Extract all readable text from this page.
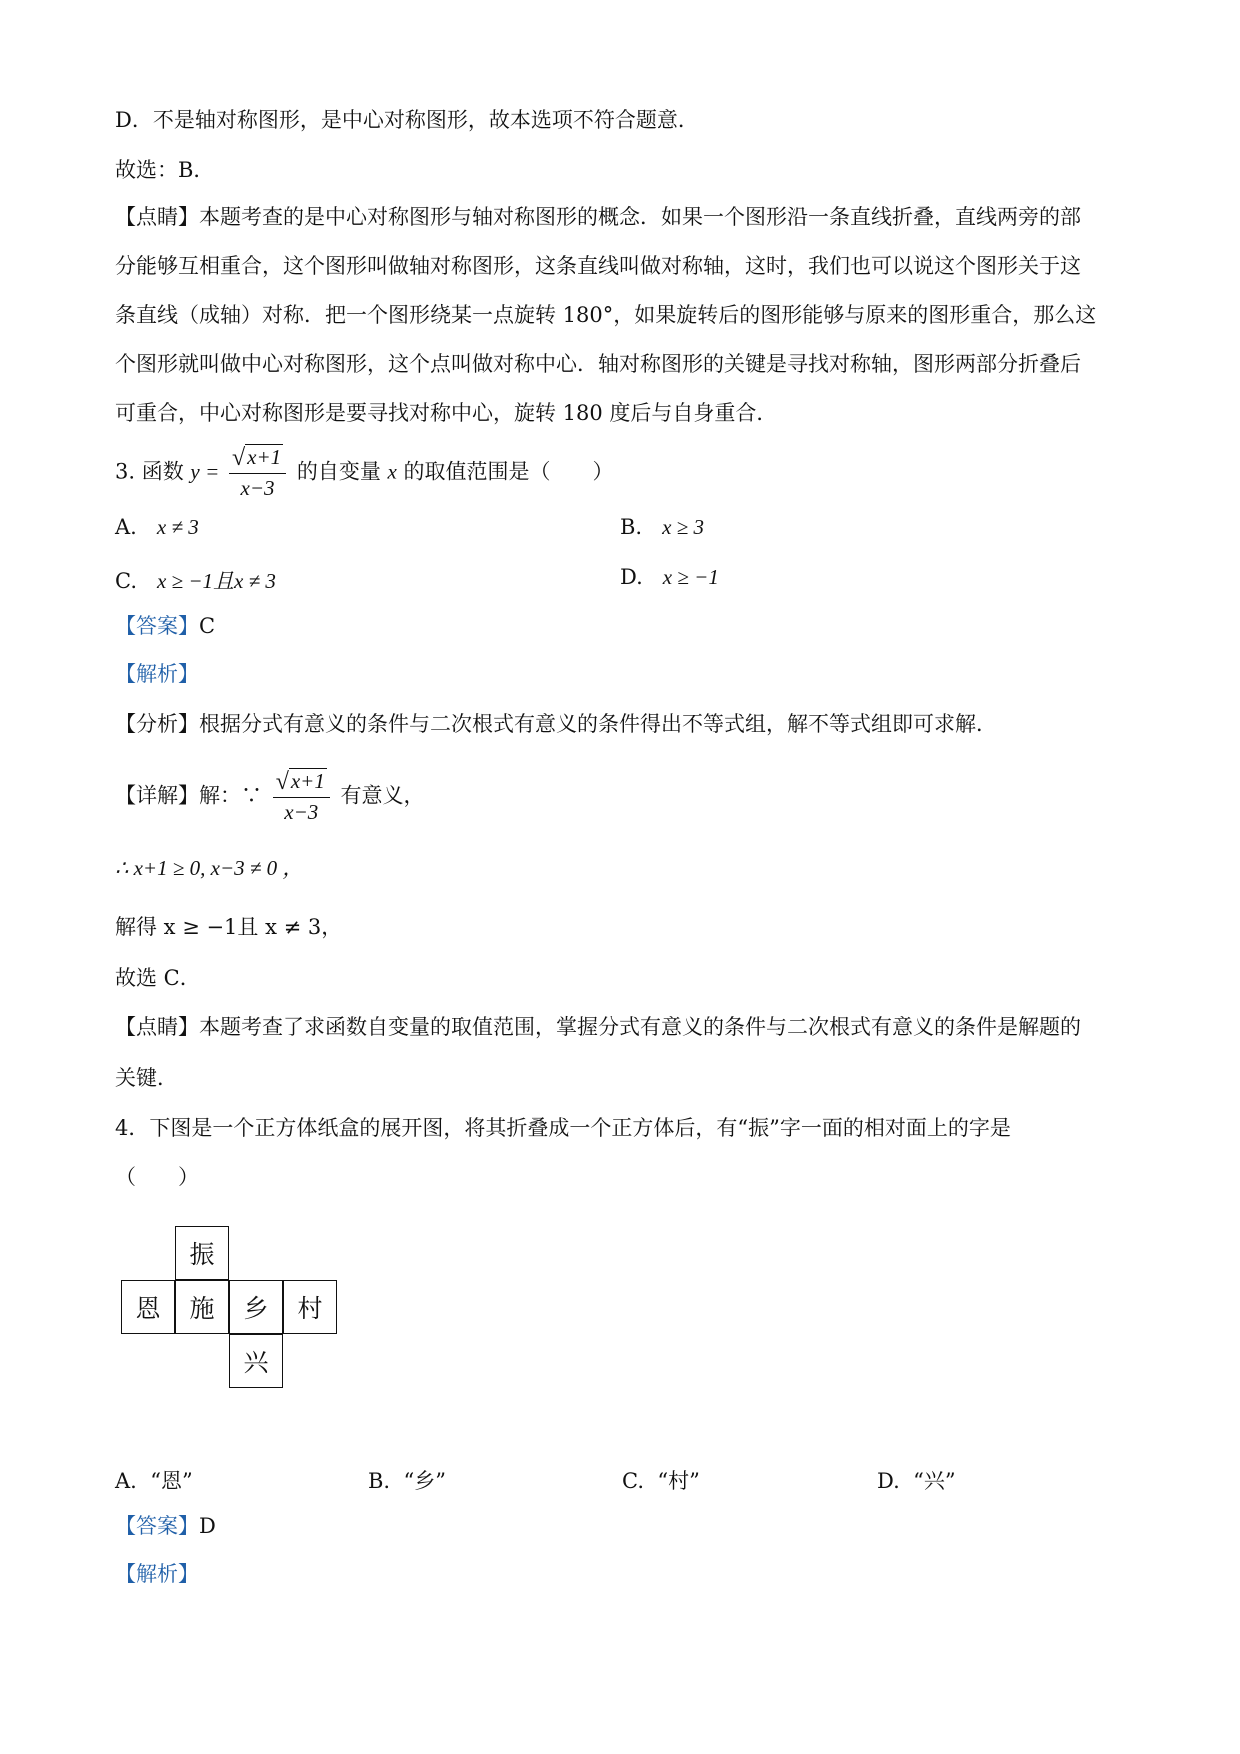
D．不是轴对称图形，是中心对称图形，故本选项不符合题意．
故选：B．
【点睛】本题考查的是中心对称图形与轴对称图形的概念．如果一个图形沿一条直线折叠，直线两旁的部
分能够互相重合，这个图形叫做轴对称图形，这条直线叫做对称轴，这时，我们也可以说这个图形关于这
条直线（成轴）对称．把一个图形绕某一点旋转 180°，如果旋转后的图形能够与原来的图形重合，那么这
个图形就叫做中心对称图形，这个点叫做对称中心．轴对称图形的关键是寻找对称轴，图形两部分折叠后
可重合，中心对称图形是要寻找对称中心，旋转 180 度后与自身重合．
3. 函数 $y = \frac{√ x+1}{x-3}$ 的自变量 x 的取值范围是（　　）
A. x ≠ 3	B. x ≥ 3
C. x ≥ −1且x ≠ 3	D. x ≥ −1
【答案】C
【解析】
【分析】根据分式有意义的条件与二次根式有意义的条件得出不等式组，解不等式组即可求解．
【详解】解：∵ $\frac{√ x+1}{x-3}$ 有意义，
∴ x+1 ≥ 0, x−3 ≠ 0 ，
解得 x ≥ −1且 x ≠ 3，
故选 C．
【点睛】本题考查了求函数自变量的取值范围，掌握分式有意义的条件与二次根式有意义的条件是解题的
关键．
4．下图是一个正方体纸盒的展开图，将其折叠成一个正方体后，有“振”字一面的相对面上的字是
（　　）
振
恩	施	乡	村
兴
A. “恩”	B. “乡”	C. “村”	D. “兴”
【答案】D
【解析】
